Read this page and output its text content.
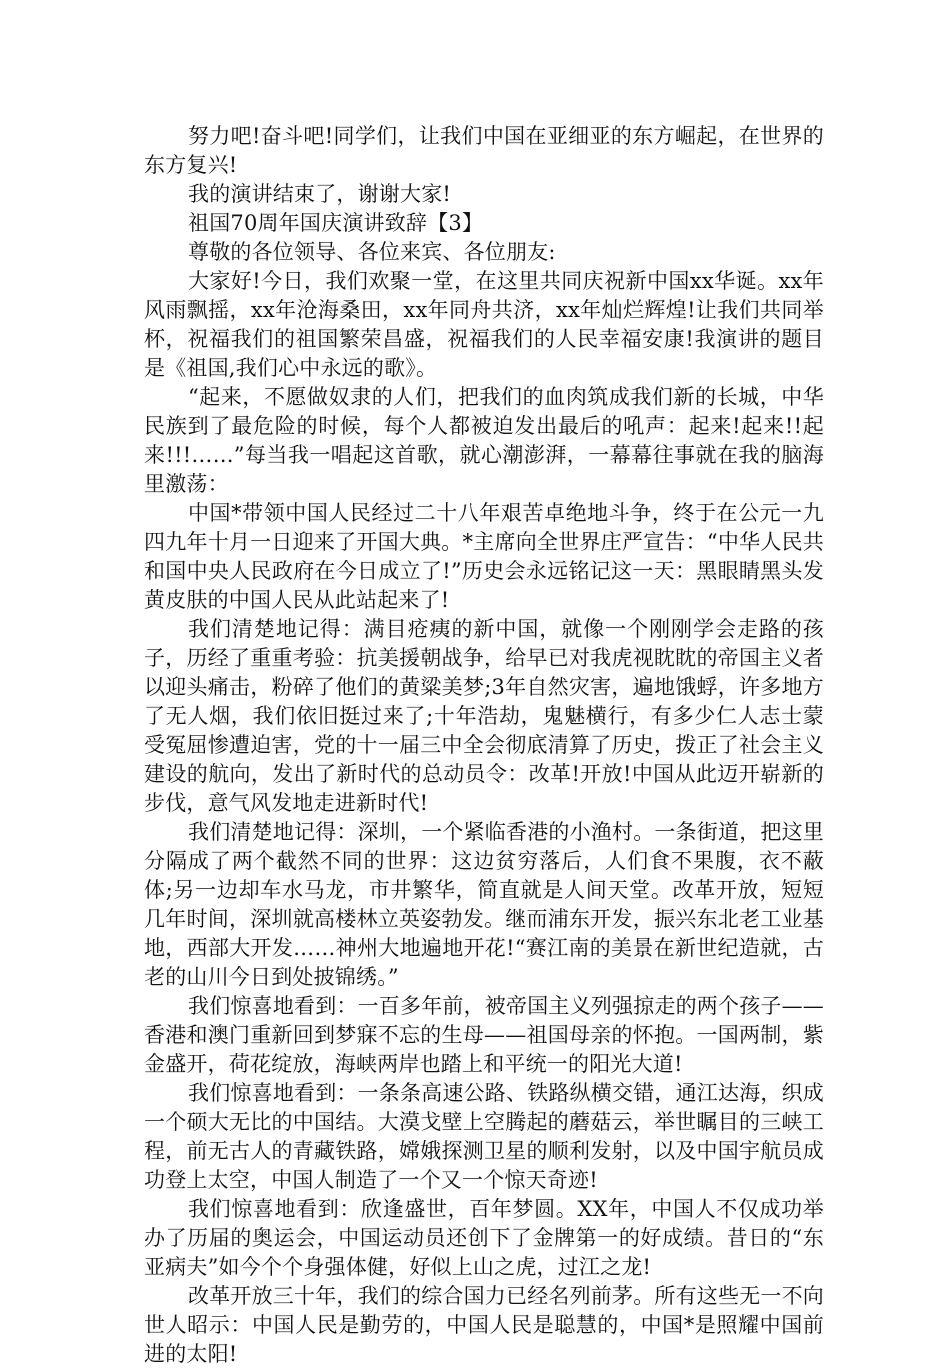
努力吧!奋斗吧!同学们，让我们中国在亚细亚的东方崛起，在世界的东方复兴!

我的演讲结束了，谢谢大家!

祖国70周年国庆演讲致辞【3】

尊敬的各位领导、各位来宾、各位朋友:

大家好!今日，我们欢聚一堂，在这里共同庆祝新中国xx华诞。xx年风雨飘摇，xx年沧海桑田，xx年同舟共济，xx年灿烂辉煌!让我们共同举杯，祝福我们的祖国繁荣昌盛，祝福我们的人民幸福安康!我演讲的题目是《祖国,我们心中永远的歌》。

“起来，不愿做奴隶的人们，把我们的血肉筑成我们新的长城，中华民族到了最危险的时候，每个人都被迫发出最后的吼声：起来!起来!!起来!!!……”每当我一唱起这首歌，就心潮澎湃，一幕幕往事就在我的脑海里激荡：

中国*带领中国人民经过二十八年艰苦卓绝地斗争，终于在公元一九四九年十月一日迎来了开国大典。*主席向全世界庄严宣告：“中华人民共和国中央人民政府在今日成立了!”历史会永远铭记这一天：黑眼睛黑头发黄皮肤的中国人民从此站起来了!

我们清楚地记得：满目疮痍的新中国，就像一个刚刚学会走路的孩子，历经了重重考验：抗美援朝战争，给早已对我虎视眈眈的帝国主义者以迎头痛击，粉碎了他们的黄粱美梦;3年自然灾害，遍地饿蜉，许多地方了无人烟，我们依旧挺过来了;十年浩劫，鬼魅横行，有多少仁人志士蒙受冤屈惨遭迫害，党的十一届三中全会彻底清算了历史，拨正了社会主义建设的航向，发出了新时代的总动员令：改革!开放!中国从此迈开崭新的步伐，意气风发地走进新时代!

我们清楚地记得：深圳，一个紧临香港的小渔村。一条街道，把这里分隔成了两个截然不同的世界：这边贫穷落后，人们食不果腹，衣不蔽体;另一边却车水马龙，市井繁华，简直就是人间天堂。改革开放，短短几年时间，深圳就高楼林立英姿勃发。继而浦东开发，振兴东北老工业基地，西部大开发……神州大地遍地开花!“赛江南的美景在新世纪造就，古老的山川今日到处披锦绣。”

我们惊喜地看到：一百多年前，被帝国主义列强掠走的两个孩子——香港和澳门重新回到梦寐不忘的生母——祖国母亲的怀抱。一国两制，紫金盛开，荷花绽放，海峡两岸也踏上和平统一的阳光大道!

我们惊喜地看到：一条条高速公路、铁路纵横交错，通江达海，织成一个硕大无比的中国结。大漠戈壁上空腾起的蘑菇云，举世瞩目的三峡工程，前无古人的青藏铁路，嫦娥探测卫星的顺利发射，以及中国宇航员成功登上太空，中国人制造了一个又一个惊天奇迹!

我们惊喜地看到：欣逢盛世，百年梦圆。XX年，中国人不仅成功举办了历届的奥运会，中国运动员还创下了金牌第一的好成绩。昔日的“东亚病夫”如今个个身强体健，好似上山之虎，过江之龙!

改革开放三十年，我们的综合国力已经名列前茅。所有这些无一不向世人昭示：中国人民是勤劳的，中国人民是聪慧的，中国*是照耀中国前进的太阳!
